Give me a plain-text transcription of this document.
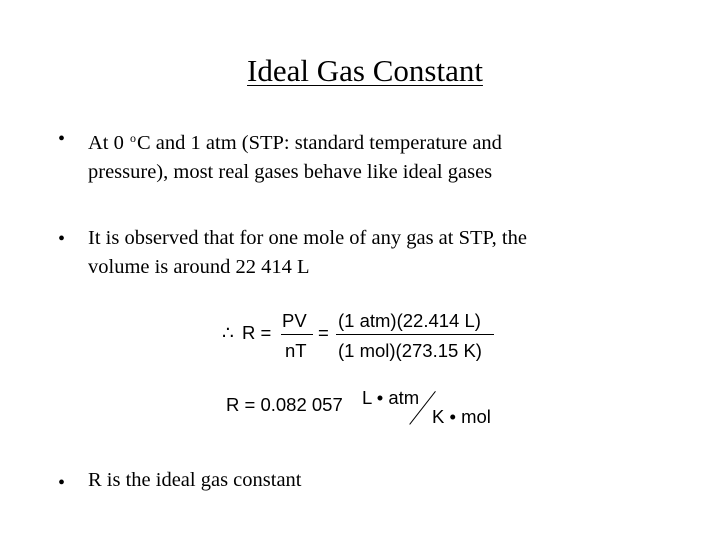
Ideal Gas Constant
• At 0 $^o$C and 1 atm (STP: standard temperature and
pressure), most real gases behave like ideal gases
• It is observed that for one mole of any gas at STP, the
volume is around 22 414 L
∴ R =
PV
nT
=
(1 atm)(22.414 L)
(1 mol)(273.15 K)
R = 0.082 057 L • atm
K • mol
• R is the ideal gas constant
